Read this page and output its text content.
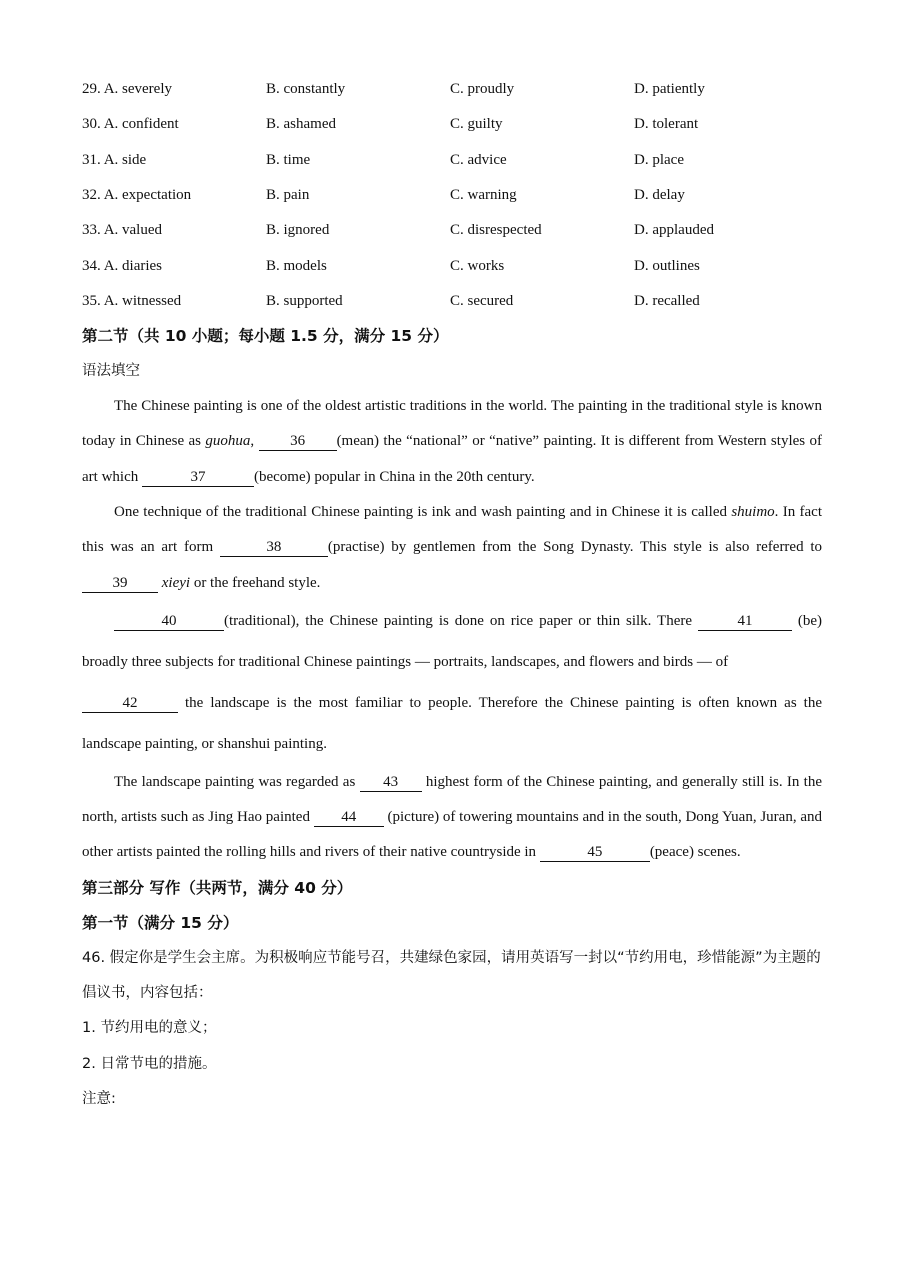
29. A. severely	B. constantly	C. proudly	D. patiently
30. A. confident	B. ashamed	C. guilty	D. tolerant
31. A. side	B. time	C. advice	D. place
32. A. expectation	B. pain	C. warning	D. delay
33. A. valued	B. ignored	C. disrespected	D. applauded
34. A. diaries	B. models	C. works	D. outlines
35. A. witnessed	B. supported	C. secured	D. recalled
第二节（共 10 小题；每小题 1.5 分，满分 15 分）
语法填空

The Chinese painting is one of the oldest artistic traditions in the world. The painting in the traditional style is known today in Chinese as guohua, 36 (mean) the “national” or “native” painting. It is different from Western styles of art which	37	(become) popular in China in the 20th century.

One technique of the traditional Chinese painting is ink and wash painting and in Chinese it is called shuimo. In fact this was an art form	38	(practise) by gentlemen from the Song Dynasty. This style is also referred to 39 xieyi or the freehand style.

40	(traditional), the Chinese painting is done on rice paper or thin silk. There	41	(be) broadly three subjects for traditional Chinese paintings — portraits, landscapes, and flowers and birds — of
42	the landscape is the most familiar to people. Therefore the Chinese painting is often known as the landscape painting, or shanshui painting.

The landscape painting was regarded as 43 highest form of the Chinese painting, and generally still is. In the north, artists such as Jing Hao painted 44 (picture) of towering mountains and in the south, Dong Yuan, Juran, and other artists painted the rolling hills and rivers of their native countryside in	45	(peace) scenes.

第三部分 写作（共两节，满分 40 分）
第一节（满分 15 分）

46. 假定你是学生会主席。为积极响应节能号召，共建绿色家园，请用英语写一封以“节约用电，珍惜能源”为主题的倡议书，内容包括：

1. 节约用电的意义；

2. 日常节电的措施。

注意:
